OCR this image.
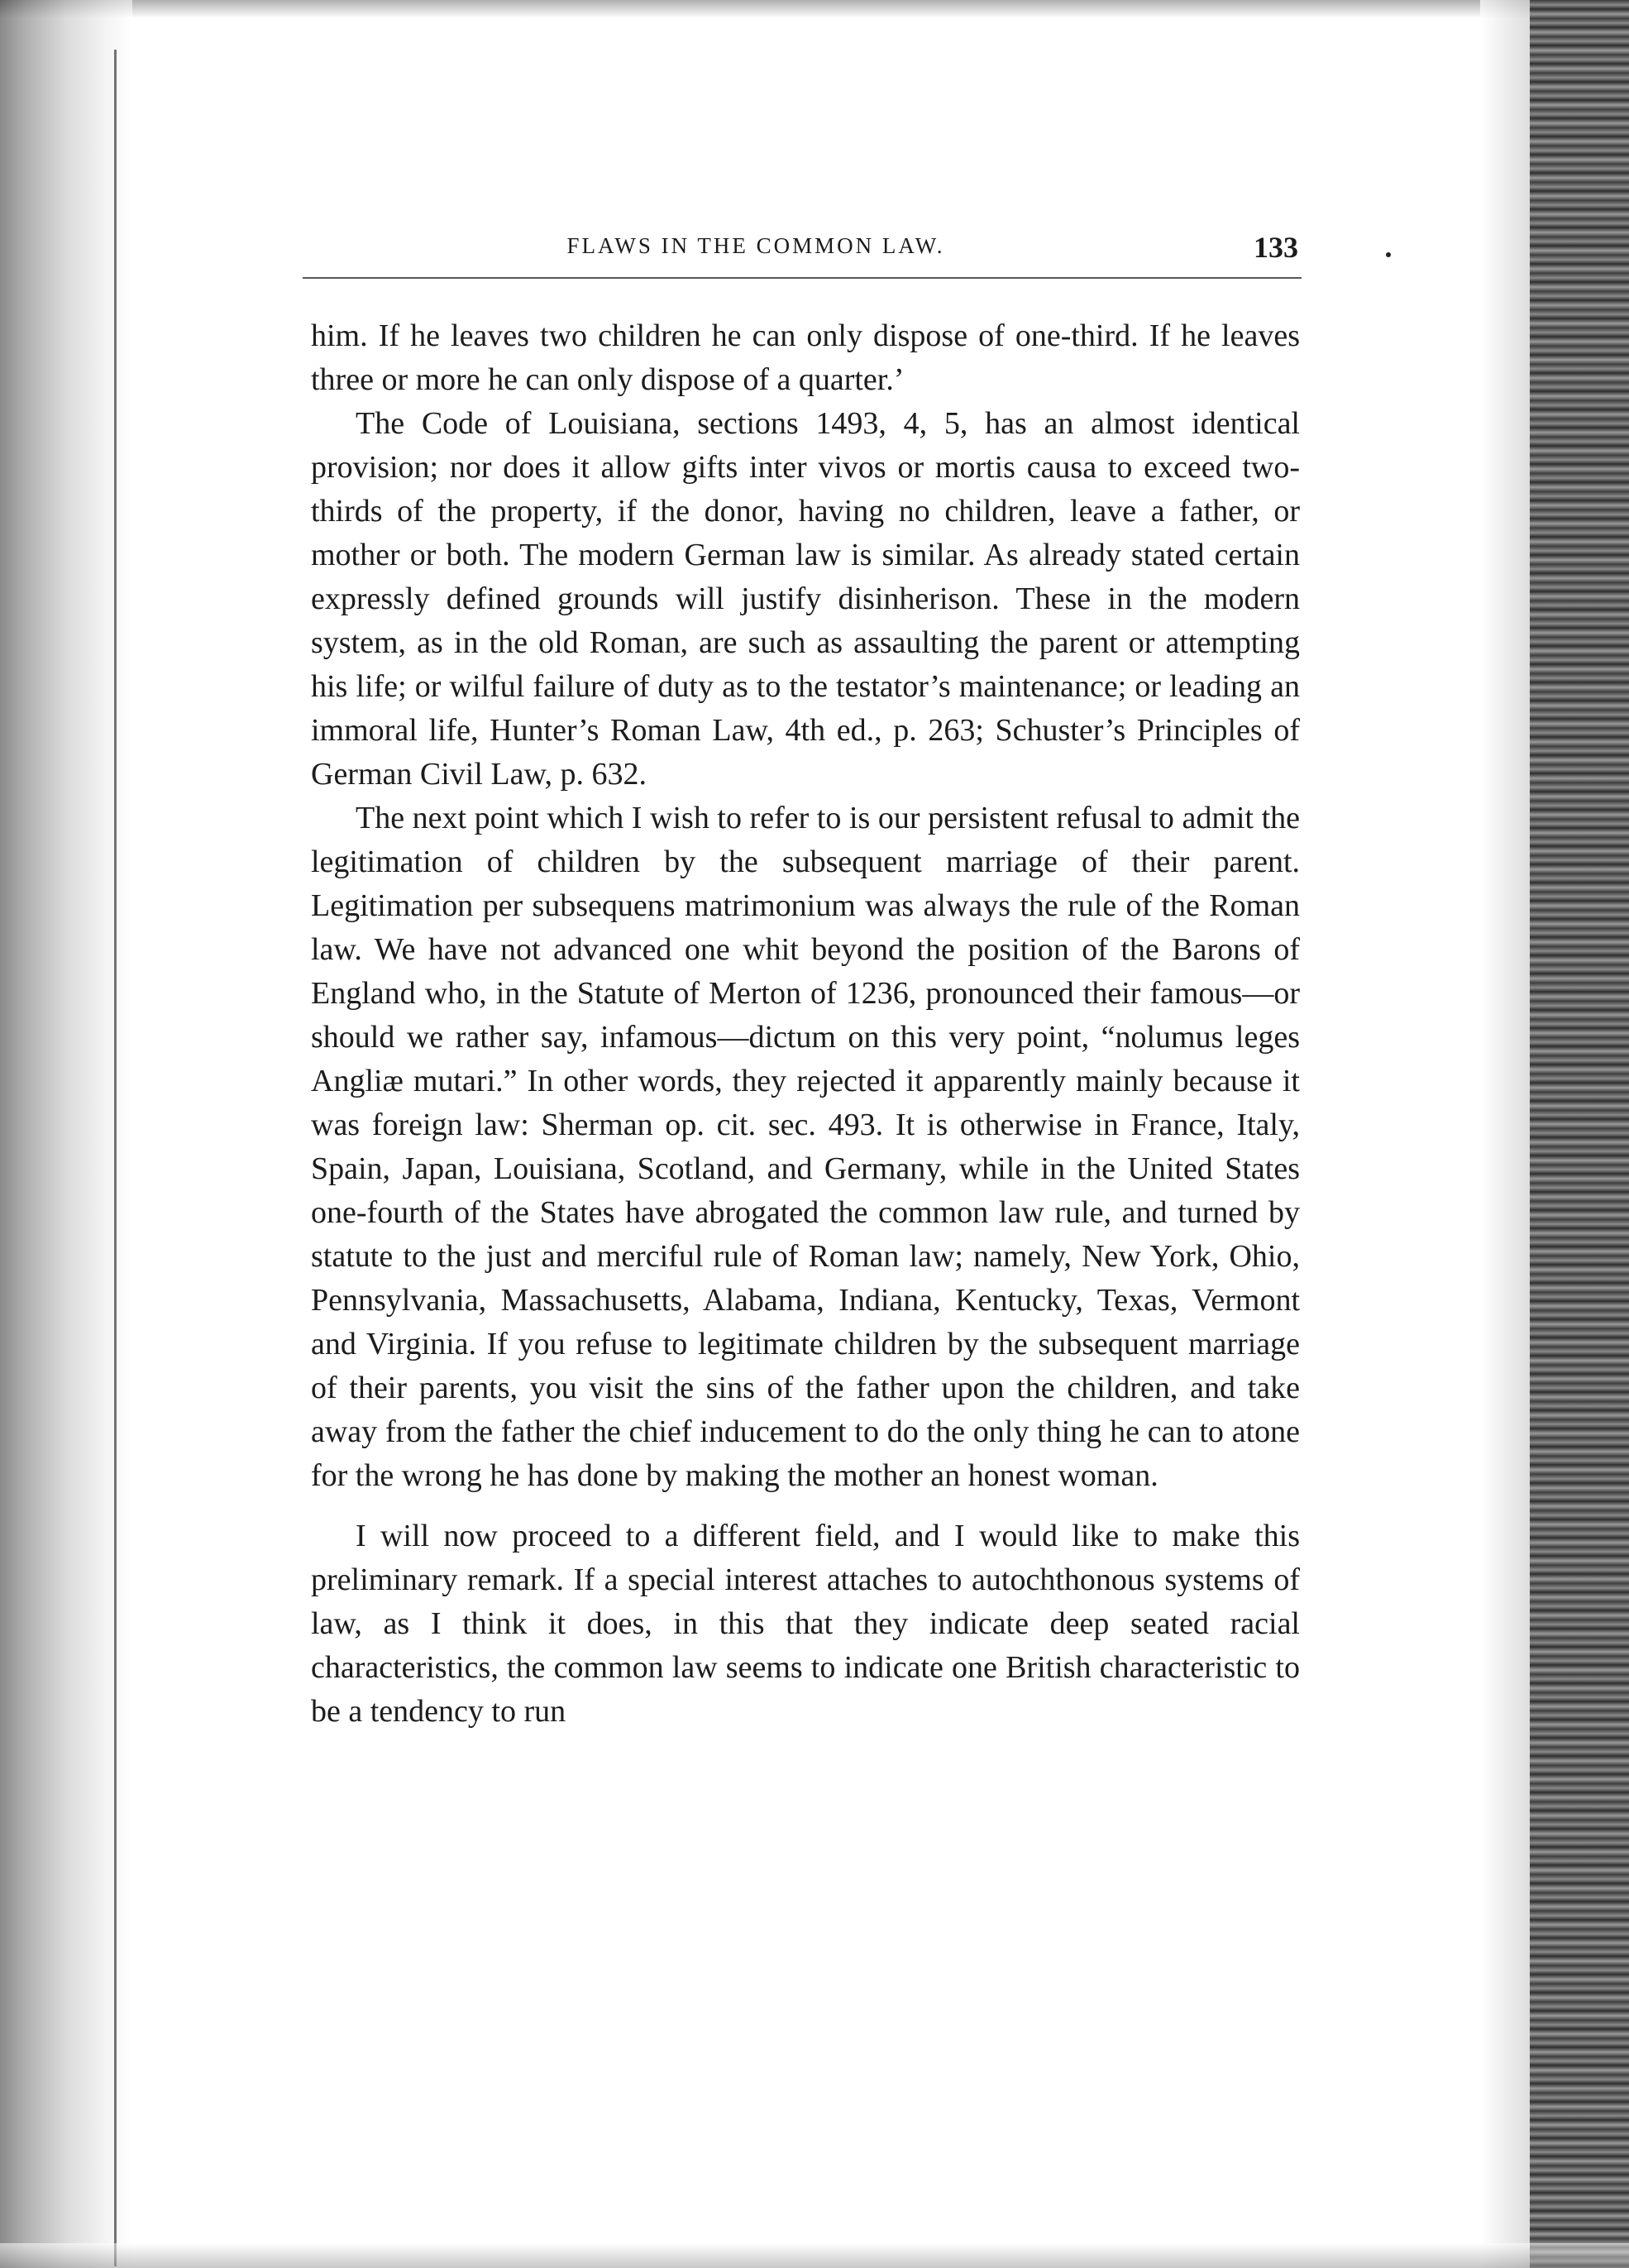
FLAWS IN THE COMMON LAW.	133

him. If he leaves two children he can only dispose of one-third. If he leaves three or more he can only dispose of a quarter.’

The Code of Louisiana, sections 1493, 4, 5, has an almost identical provision; nor does it allow gifts inter vivos or mortis causa to exceed two-thirds of the property, if the donor, having no children, leave a father, or mother or both. The modern German law is similar. As already stated certain expressly defined grounds will justify disinherison. These in the modern system, as in the old Roman, are such as assaulting the parent or attempting his life; or wilful failure of duty as to the testator’s maintenance; or leading an immoral life, Hunter’s Roman Law, 4th ed., p. 263; Schuster’s Principles of German Civil Law, p. 632.

The next point which I wish to refer to is our persistent refusal to admit the legitimation of children by the subsequent marriage of their parent. Legitimation per subsequens matrimonium was always the rule of the Roman law. We have not advanced one whit beyond the position of the Barons of England who, in the Statute of Merton of 1236, pronounced their famous—or should we rather say, infamous—dictum on this very point, “nolumus leges Angliæ mutari.” In other words, they rejected it apparently mainly because it was foreign law: Sherman op. cit. sec. 493. It is otherwise in France, Italy, Spain, Japan, Louisiana, Scotland, and Germany, while in the United States one-fourth of the States have abrogated the common law rule, and turned by statute to the just and merciful rule of Roman law; namely, New York, Ohio, Pennsylvania, Massachusetts, Alabama, Indiana, Kentucky, Texas, Vermont and Virginia. If you refuse to legitimate children by the subsequent marriage of their parents, you visit the sins of the father upon the children, and take away from the father the chief inducement to do the only thing he can to atone for the wrong he has done by making the mother an honest woman.

I will now proceed to a different field, and I would like to make this preliminary remark. If a special interest attaches to autochthonous systems of law, as I think it does, in this that they indicate deep seated racial characteristics, the common law seems to indicate one British characteristic to be a tendency to run
